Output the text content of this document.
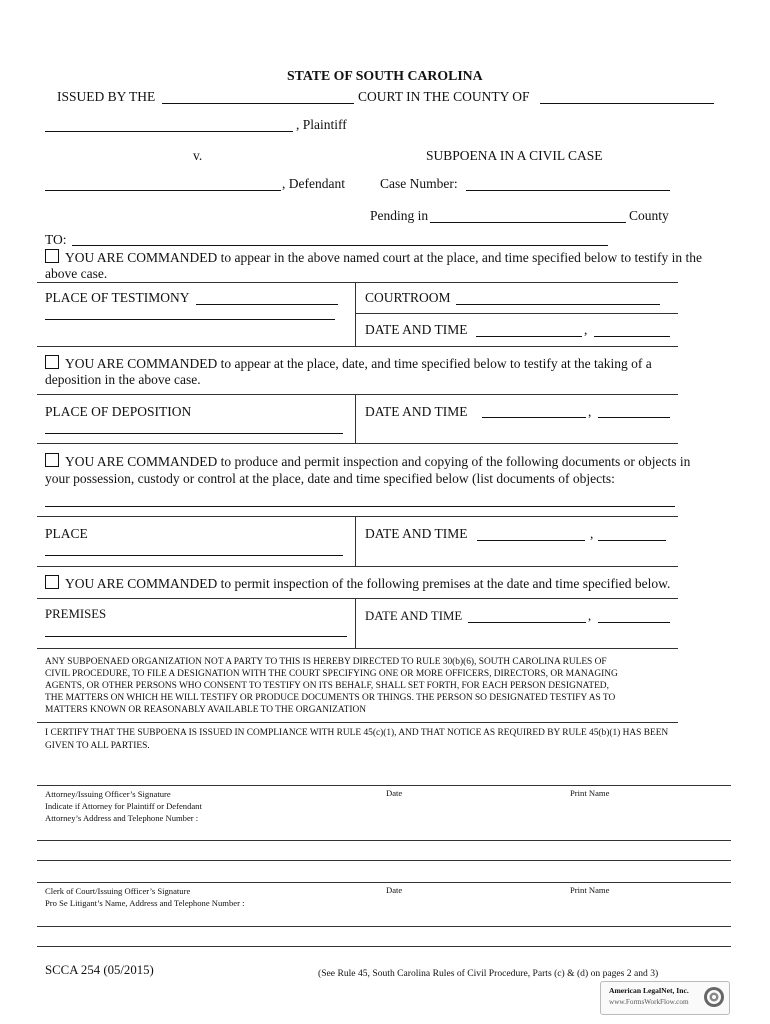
STATE OF SOUTH CAROLINA
ISSUED BY THE	COURT IN THE COUNTY OF
, Plaintiff
v.	SUBPOENA IN A CIVIL CASE
, Defendant	Case Number:
Pending in	County
TO:
YOU ARE COMMANDED to appear in the above named court at the place, and time specified below to testify in the
above case.
PLACE OF TESTIMONY	COURTROOM
DATE AND TIME	,
YOU ARE COMMANDED to appear at the place, date, and time specified below to testify at the taking of a
deposition in the above case.
PLACE OF DEPOSITION	DATE AND TIME	,
YOU ARE COMMANDED to produce and permit inspection and copying of the following documents or objects in
your possession, custody or control at the place, date and time specified below (list documents of objects:
PLACE	DATE AND TIME	,
YOU ARE COMMANDED to permit inspection of the following premises at the date and time specified below.
PREMISES	DATE AND TIME	,
ANY SUBPOENAED ORGANIZATION NOT A PARTY TO THIS IS HEREBY DIRECTED TO RULE 30(b)(6), SOUTH CAROLINA RULES OF
CIVIL PROCEDURE, TO FILE A DESIGNATION WITH THE COURT SPECIFYING ONE OR MORE OFFICERS, DIRECTORS, OR MANAGING
AGENTS, OR OTHER PERSONS WHO CONSENT TO TESTIFY ON ITS BEHALF, SHALL SET FORTH, FOR EACH PERSON DESIGNATED,
THE MATTERS ON WHICH HE WILL TESTIFY OR PRODUCE DOCUMENTS OR THINGS. THE PERSON SO DESIGNATED TESTIFY AS TO
MATTERS KNOWN OR REASONABLY AVAILABLE TO THE ORGANIZATION
I CERTIFY THAT THE SUBPOENA IS ISSUED IN COMPLIANCE WITH RULE 45(c)(1), AND THAT NOTICE AS REQUIRED BY RULE 45(b)(1) HAS BEEN
GIVEN TO ALL PARTIES.
Attorney/Issuing Officer’s Signature
Indicate if Attorney for Plaintiff or Defendant
Attorney’s Address and Telephone Number :
Date	Print Name
Clerk of Court/Issuing Officer’s Signature
Pro Se Litigant’s Name, Address and Telephone Number :
Date	Print Name
SCCA 254 (05/2015)	(See Rule 45, South Carolina Rules of Civil Procedure, Parts (c) & (d) on pages 2 and 3)
American LegalNet, Inc.
www.FormsWorkFlow.com
